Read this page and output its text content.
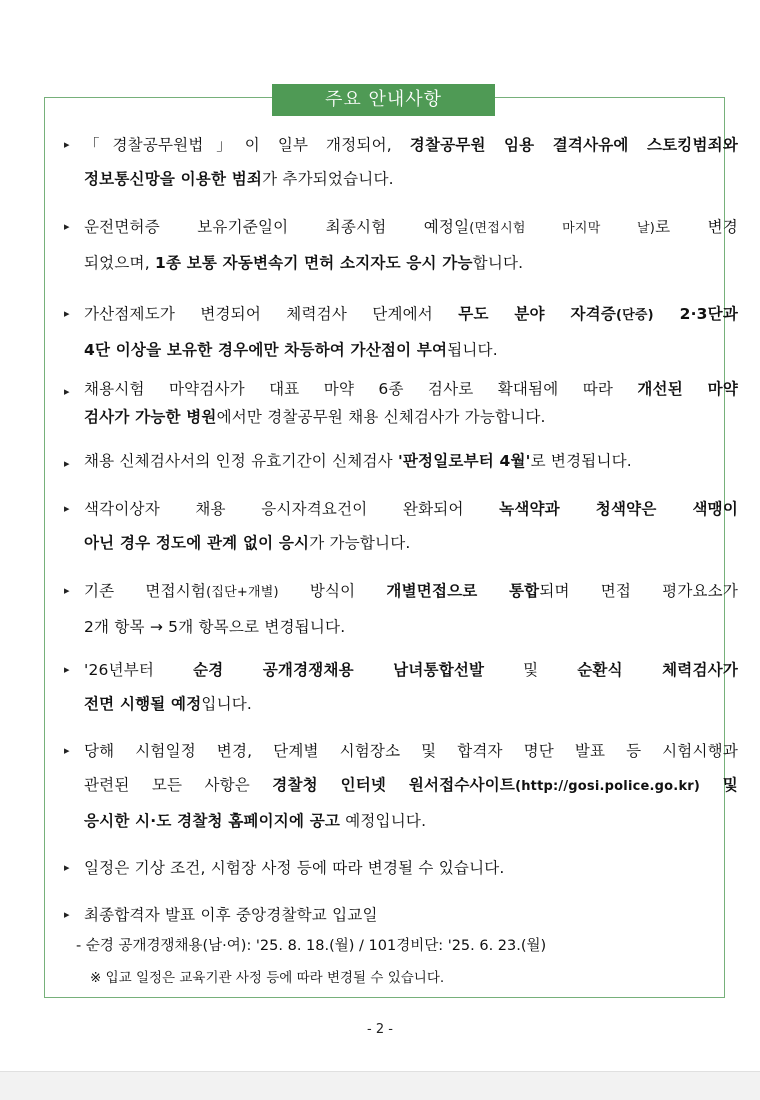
주요 안내사항
▸ 「경찰공무원법」이 일부 개정되어, 경찰공무원 임용 결격사유에 스토킹범죄와
정보통신망을 이용한 범죄가 추가되었습니다.
▸ 운전면허증 보유기준일이 최종시험 예정일(면접시험 마지막 날)로 변경
되었으며, 1종 보통 자동변속기 면허 소지자도 응시 가능합니다.
▸ 가산점제도가 변경되어 체력검사 단계에서 무도 분야 자격증(단증) 2·3단과
4단 이상을 보유한 경우에만 차등하여 가산점이 부여됩니다.
▸ 채용시험 마약검사가 대표 마약 6종 검사로 확대됨에 따라 개선된 마약
검사가 가능한 병원에서만 경찰공무원 채용 신체검사가 가능합니다.
▸ 채용 신체검사서의 인정 유효기간이 신체검사 '판정일로부터 4월'로 변경됩니다.
▸ 색각이상자 채용 응시자격요건이 완화되어 녹색약과 청색약은 색맹이
아닌 경우 정도에 관계 없이 응시가 가능합니다.
▸ 기존 면접시험(집단+개별) 방식이 개별면접으로 통합되며 면접 평가요소가
2개 항목 → 5개 항목으로 변경됩니다.
▸ '26년부터 순경 공개경쟁채용 남녀통합선발 및 순환식 체력검사가
전면 시행될 예정입니다.
▸ 당해 시험일정 변경, 단계별 시험장소 및 합격자 명단 발표 등 시험시행과
관련된 모든 사항은 경찰청 인터넷 원서접수사이트(http://gosi.police.go.kr) 및
응시한 시·도 경찰청 홈페이지에 공고 예정입니다.
▸ 일정은 기상 조건, 시험장 사정 등에 따라 변경될 수 있습니다.
▸ 최종합격자 발표 이후 중앙경찰학교 입교일
- 순경 공개경쟁채용(남·여): '25. 8. 18.(월) / 101경비단: '25. 6. 23.(월)
※ 입교 일정은 교육기관 사정 등에 따라 변경될 수 있습니다.
- 2 -
